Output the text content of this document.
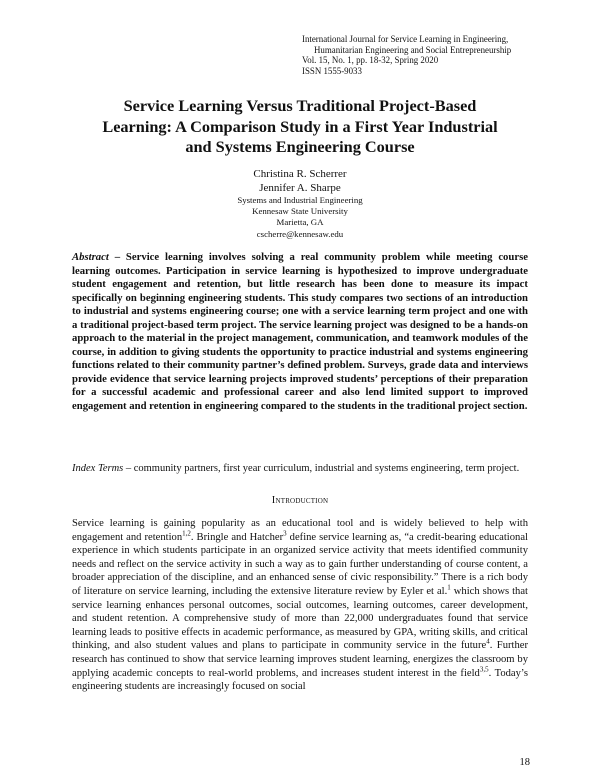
International Journal for Service Learning in Engineering,
Humanitarian Engineering and Social Entrepreneurship
Vol. 15, No. 1, pp. 18-32, Spring 2020
ISSN 1555-9033
Service Learning Versus Traditional Project-Based
Learning: A Comparison Study in a First Year Industrial
and Systems Engineering Course
Christina R. Scherrer
Jennifer A. Sharpe
Systems and Industrial Engineering
Kennesaw State University
Marietta, GA
cscherre@kennesaw.edu
Abstract – Service learning involves solving a real community problem while meeting course learning outcomes. Participation in service learning is hypothesized to improve undergraduate student engagement and retention, but little research has been done to measure its impact specifically on beginning engineering students. This study compares two sections of an introduction to industrial and systems engineering course; one with a service learning term project and one with a traditional project-based term project. The service learning project was designed to be a hands-on approach to the material in the project management, communication, and teamwork modules of the course, in addition to giving students the opportunity to practice industrial and systems engineering functions related to their community partner’s defined problem. Surveys, grade data and interviews provide evidence that service learning projects improved students’ perceptions of their preparation for a successful academic and professional career and also lend limited support to improved engagement and retention in engineering compared to the students in the traditional project section.
Index Terms – community partners, first year curriculum, industrial and systems engineering, term project.
Introduction
Service learning is gaining popularity as an educational tool and is widely believed to help with engagement and retention$^{1,2}$. Bringle and Hatcher$^3$ define service learning as, “a credit-bearing educational experience in which students participate in an organized service activity that meets identified community needs and reflect on the service activity in such a way as to gain further understanding of course content, a broader appreciation of the discipline, and an enhanced sense of civic responsibility.” There is a rich body of literature on service learning, including the extensive literature review by Eyler et al.$^1$ which shows that service learning enhances personal outcomes, social outcomes, learning outcomes, career development, and student retention. A comprehensive study of more than 22,000 undergraduates found that service learning leads to positive effects in academic performance, as measured by GPA, writing skills, and critical thinking, and also student values and plans to participate in community service in the future$^4$. Further research has continued to show that service learning improves student learning, energizes the classroom by applying academic concepts to real-world problems, and increases student interest in the field$^{3,5}$. Today’s engineering students are increasingly focused on social
18
